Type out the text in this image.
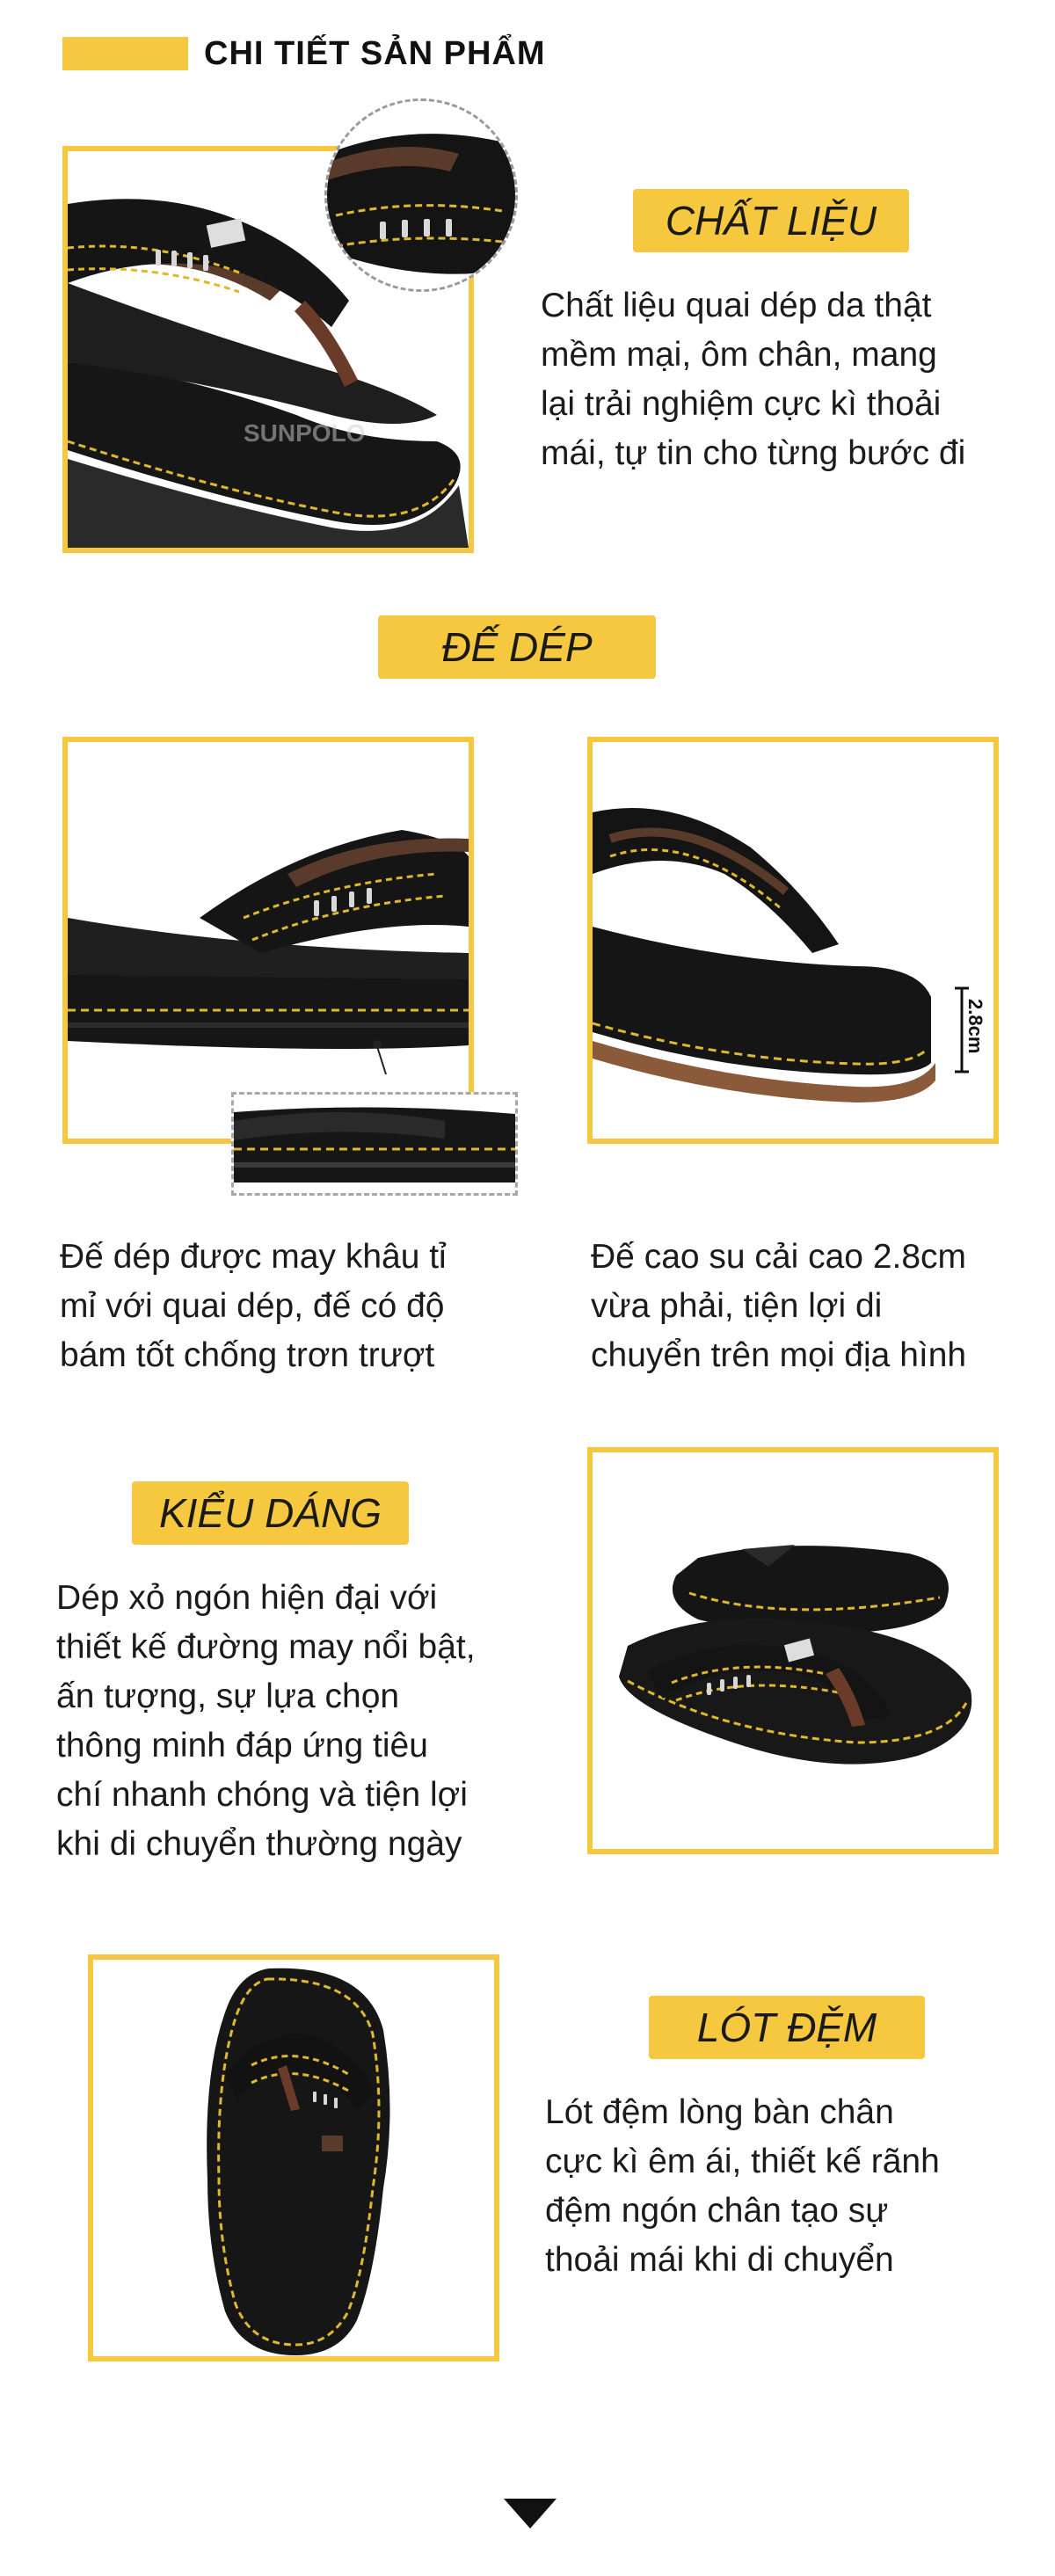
CHI TIẾT SẢN PHẨM
SUNPOLO
CHẤT LIỆU
Chất liệu quai dép da thật
mềm mại, ôm chân, mang
lại trải nghiệm cực kì thoải
mái, tự tin cho từng bước đi
ĐẾ DÉP
2.8cm
Đế dép được may khâu tỉ
mỉ với quai dép, đế có độ
bám tốt chống trơn trượt
Đế cao su cải cao 2.8cm
vừa phải, tiện lợi di
chuyển trên mọi địa hình
KIỂU DÁNG
Dép xỏ ngón hiện đại với
thiết kế đường may nổi bật,
ấn tượng, sự lựa chọn
thông minh đáp ứng tiêu
chí nhanh chóng và tiện lợi
khi di chuyển thường ngày
LÓT ĐỆM
Lót đệm lòng bàn chân
cực kì êm ái, thiết kế rãnh
đệm ngón chân tạo sự
thoải mái khi di chuyển
